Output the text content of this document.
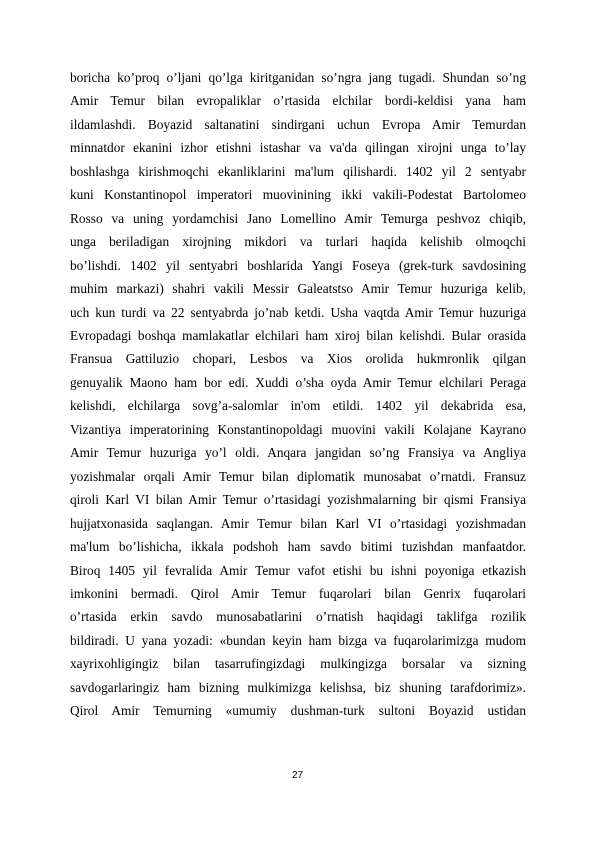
boricha ko’proq o’ljani qo’lga kiritganidan so’ngra jang tugadi. Shundan so’ng
Amir Temur bilan evropaliklar o’rtasida elchilar bordi-keldisi yana ham
ildamlashdi. Boyazid saltanatini sindirgani uchun Evropa Amir Temurdan
minnatdor ekanini izhor etishni istashar va va'da qilingan xirojni unga to’lay
boshlashga kirishmoqchi ekanliklarini ma'lum qilishardi. 1402 yil 2 sentyabr
kuni Konstantinopol imperatori muovinining ikki vakili-Podestat Bartolomeo
Rosso va uning yordamchisi Jano Lomellino Amir Temurga peshvoz chiqib,
unga beriladigan xirojning mikdori va turlari haqida kelishib olmoqchi
bo’lishdi. 1402 yil sentyabri boshlarida Yangi Foseya (grek-turk savdosining
muhim markazi) shahri vakili Messir Galeatstso Amir Temur huzuriga kelib,
uch kun turdi va 22 sentyabrda jo’nab ketdi. Usha vaqtda Amir Temur huzuriga
Evropadagi boshqa mamlakatlar elchilari ham xiroj bilan kelishdi. Bular orasida
Fransua Gattiluzio chopari, Lesbos va Xios orolida hukmronlik qilgan
genuyalik Maono ham bor edi. Xuddi o’sha oyda Amir Temur elchilari Peraga
kelishdi, elchilarga sovg’a-salomlar in'om etildi. 1402 yil dekabrida esa,
Vizantiya imperatorining Konstantinopoldagi muovini vakili Kolajane Kayrano
Amir Temur huzuriga yo’l oldi. Anqara jangidan so’ng Fransiya va Angliya
yozishmalar orqali Amir Temur bilan diplomatik munosabat o’rnatdi. Fransuz
qiroli Karl VI bilan Amir Temur o’rtasidagi yozishmalarning bir qismi Fransiya
hujjatxonasida saqlangan. Amir Temur bilan Karl VI o’rtasidagi yozishmadan
ma'lum bo’lishicha, ikkala podshoh ham savdo bitimi tuzishdan manfaatdor.
Biroq 1405 yil fevralida Amir Temur vafot etishi bu ishni poyoniga etkazish
imkonini bermadi. Qirol Amir Temur fuqarolari bilan Genrix fuqarolari
o’rtasida erkin savdo munosabatlarini o’rnatish haqidagi taklifga rozilik
bildiradi. U yana yozadi: «bundan keyin ham bizga va fuqarolarimizga mudom
xayrixohligingiz bilan tasarrufingizdagi mulkingizga borsalar va sizning
savdogarlaringiz ham bizning mulkimizga kelishsa, biz shuning tarafdorimiz».
Qirol Amir Temurning «umumiy dushman-turk sultoni Boyazid ustidan
27
